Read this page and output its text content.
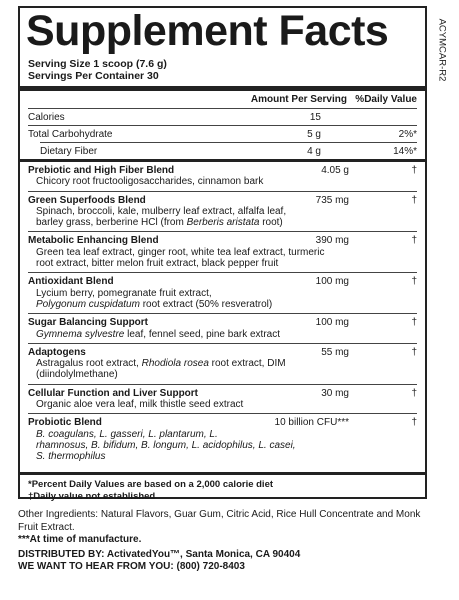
Supplement Facts
Serving Size 1 scoop (7.6 g)
Servings Per Container 30
Amount Per Serving %Daily Value
Calories	15
Total Carbohydrate	5 g	2%*
Dietary Fiber	4 g	14%*
Prebiotic and High Fiber Blend
Chicory root fructooligosaccharides, cinnamon bark
4.05 g	†
Green Superfoods Blend
Spinach, broccoli, kale, mulberry leaf extract, alfalfa leaf,
barley grass, berberine HCl (from Berberis aristata root)
735 mg	†
Metabolic Enhancing Blend
Green tea leaf extract, ginger root, white tea leaf extract, turmeric
root extract, bitter melon fruit extract, black pepper fruit
390 mg	†
Antioxidant Blend
Lycium berry, pomegranate fruit extract,
Polygonum cuspidatum root extract (50% resveratrol)
100 mg	†
Sugar Balancing Support
Gymnema sylvestre leaf, fennel seed, pine bark extract
100 mg	†
Adaptogens
Astragalus root extract, Rhodiola rosea root extract, DIM
(diindolylmethane)
55 mg	†
Cellular Function and Liver Support
Organic aloe vera leaf, milk thistle seed extract
30 mg	†
Probiotic Blend
B. coagulans, L. gasseri, L. plantarum, L.
rhamnosus, B. bifidum, B. longum, L. acidophilus, L. casei,
S. thermophilus
10 billion CFU***	†
*Percent Daily Values are based on a 2,000 calorie diet
†Daily value not established
ACYMCAR-R2
Other Ingredients: Natural Flavors, Guar Gum, Citric Acid, Rice Hull Concentrate and Monk Fruit Extract.
***At time of manufacture.
DISTRIBUTED BY: ActivatedYou™, Santa Monica, CA 90404
WE WANT TO HEAR FROM YOU: (800) 720-8403
